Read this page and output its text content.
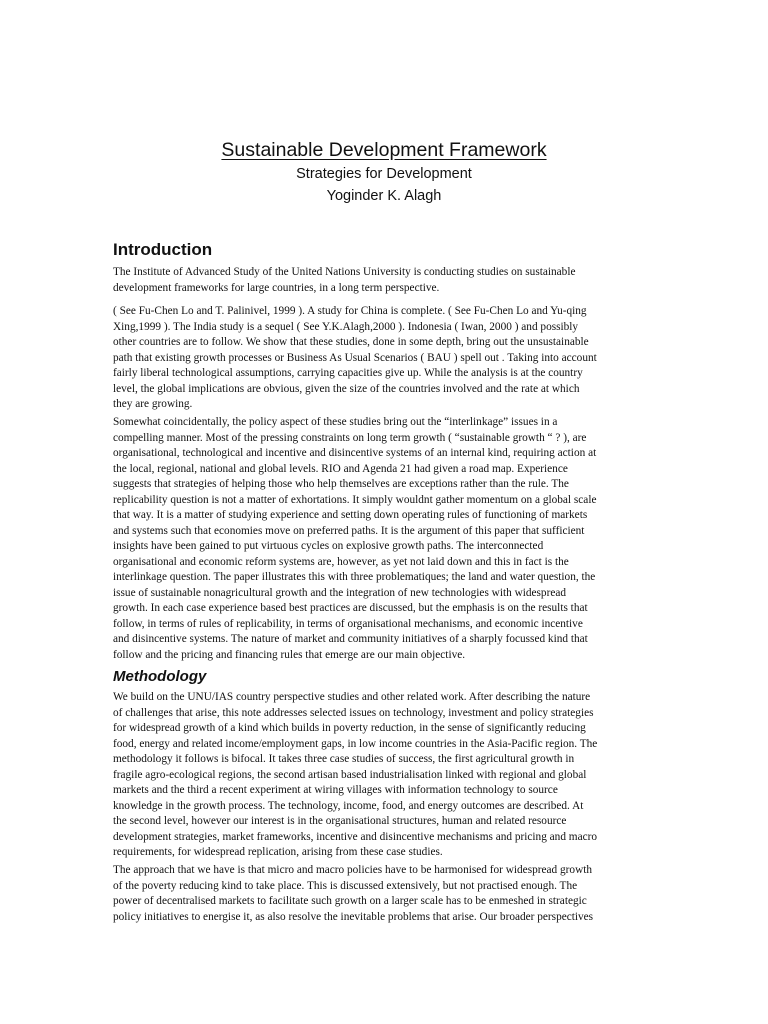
Sustainable Development Framework

Strategies for Development

Yoginder K. Alagh

Introduction

The Institute of Advanced Study of the United Nations University is conducting studies on sustainable
development frameworks for large countries, in a long term perspective.

( See Fu-Chen Lo and T. Palinivel, 1999 ). A study for China is complete. ( See Fu-Chen Lo and Yu-qing
Xing,1999 ). The India study is a sequel ( See Y.K.Alagh,2000 ). Indonesia ( Iwan, 2000 ) and possibly
other countries are to follow. We show that these studies, done in some depth, bring out the unsustainable
path that existing growth processes or Business As Usual Scenarios ( BAU ) spell out . Taking into account
fairly liberal technological assumptions, carrying capacities give up. While the analysis is at the country
level, the global implications are obvious, given the size of the countries involved and the rate at which
they are growing.

Somewhat coincidentally, the policy aspect of these studies bring out the “interlinkage” issues in a
compelling manner. Most of the pressing constraints on long term growth ( “sustainable growth “ ? ), are
organisational, technological and incentive and disincentive systems of an internal kind, requiring action at
the local, regional, national and global levels. RIO and Agenda 21 had given a road map. Experience
suggests that strategies of helping those who help themselves are exceptions rather than the rule. The
replicability question is not a matter of exhortations. It simply wouldnt gather momentum on a global scale
that way. It is a matter of studying experience and setting down operating rules of functioning of markets
and systems such that economies move on preferred paths. It is the argument of this paper that sufficient
insights have been gained to put virtuous cycles on explosive growth paths. The interconnected
organisational and economic reform systems are, however, as yet not laid down and this in fact is the
interlinkage question. The paper illustrates this with three problematiques; the land and water question, the
issue of sustainable nonagricultural growth and the integration of new technologies with widespread
growth. In each case experience based best practices are discussed, but the emphasis is on the results that
follow, in terms of rules of replicability, in terms of organisational mechanisms, and economic incentive
and disincentive systems. The nature of market and community initiatives of a sharply focussed kind that
follow and the pricing and financing rules that emerge are our main objective.

Methodology

We build on the UNU/IAS country perspective studies and other related work. After describing the nature
of challenges that arise, this note addresses selected issues on technology, investment and policy strategies
for widespread growth of a kind which builds in poverty reduction, in the sense of significantly reducing
food, energy and related income/employment gaps, in low income countries in the Asia-Pacific region. The
methodology it follows is bifocal. It takes three case studies of success, the first agricultural growth in
fragile agro-ecological regions, the second artisan based industrialisation linked with regional and global
markets and the third a recent experiment at wiring villages with information technology to source
knowledge in the growth process. The technology, income, food, and energy outcomes are described. At
the second level, however our interest is in the organisational structures, human and related resource
development strategies, market frameworks, incentive and disincentive mechanisms and pricing and macro
requirements, for widespread replication, arising from these case studies.

The approach that we have is that micro and macro policies have to be harmonised for widespread growth
of the poverty reducing kind to take place. This is discussed extensively, but not practised enough. The
power of decentralised markets to facilitate such growth on a larger scale has to be enmeshed in strategic
policy initiatives to energise it, as also resolve the inevitable problems that arise. Our broader perspectives
